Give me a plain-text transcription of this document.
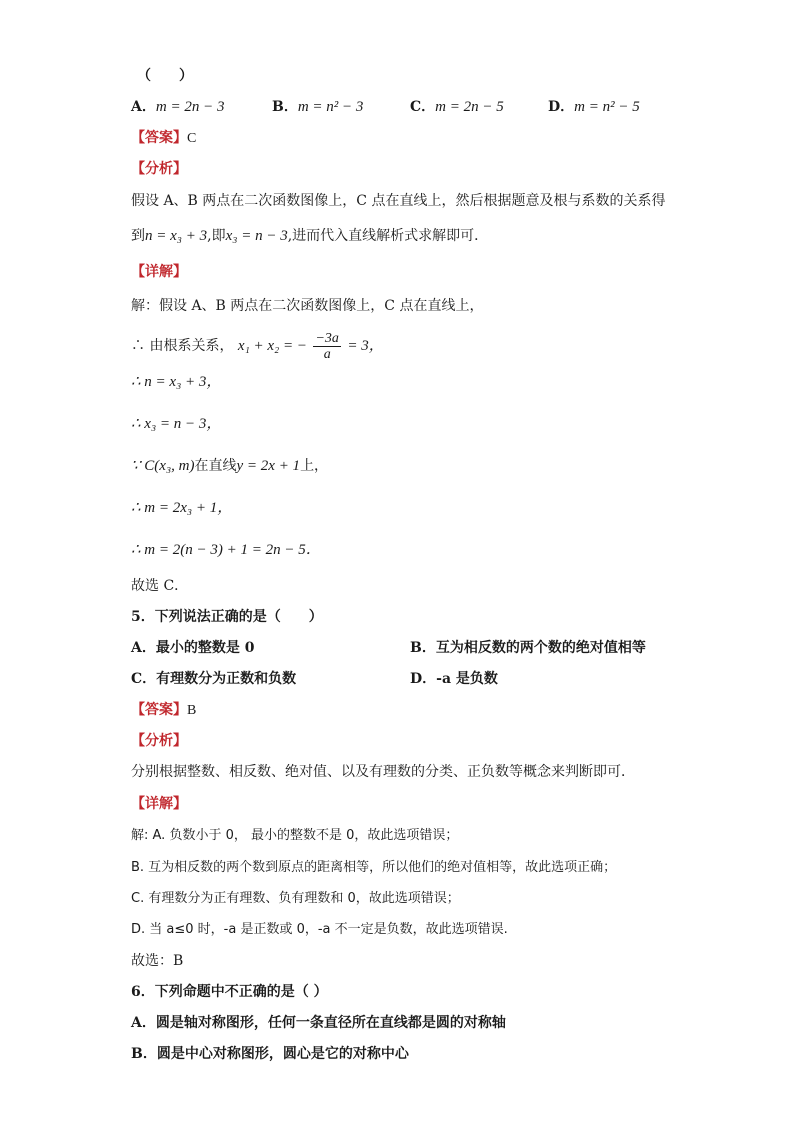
（　　）
A．m = 2n − 3	B．m = n² − 3	C．m = 2n − 5	D．m = n² − 5
【答案】C
【分析】
假设 A、B 两点在二次函数图像上，C 点在直线上，然后根据题意及根与系数的关系得
到n = x₃ + 3,即x₃ = n − 3,进而代入直线解析式求解即可．
【详解】
解：假设 A、B 两点在二次函数图像上，C 点在直线上，
∴ 由根系关系， x₁ + x₂ = − $\frac{-3a}{a} = 3$，
∴ n = x₃ + 3，
∴ x₃ = n − 3，
∵ C(x₃, m)在直线y = 2x + 1上，
∴ m = 2x₃ + 1，
∴ m = 2(n − 3) + 1 = 2n − 5．
故选 C．
5．下列说法正确的是（　　）
A．最小的整数是 0	B．互为相反数的两个数的绝对值相等
C．有理数分为正数和负数	D．-a 是负数
【答案】B
【分析】
分别根据整数、相反数、绝对值、以及有理数的分类、正负数等概念来判断即可．
【详解】
解: A. 负数小于 0， 最小的整数不是 0，故此选项错误；
B. 互为相反数的两个数到原点的距离相等，所以他们的绝对值相等，故此选项正确；
C. 有理数分为正有理数、负有理数和 0，故此选项错误；
D. 当 a≤0 时，-a 是正数或 0，-a 不一定是负数，故此选项错误.
故选：B
6．下列命题中不正确的是（ ）
A．圆是轴对称图形，任何一条直径所在直线都是圆的对称轴
B．圆是中心对称图形，圆心是它的对称中心
